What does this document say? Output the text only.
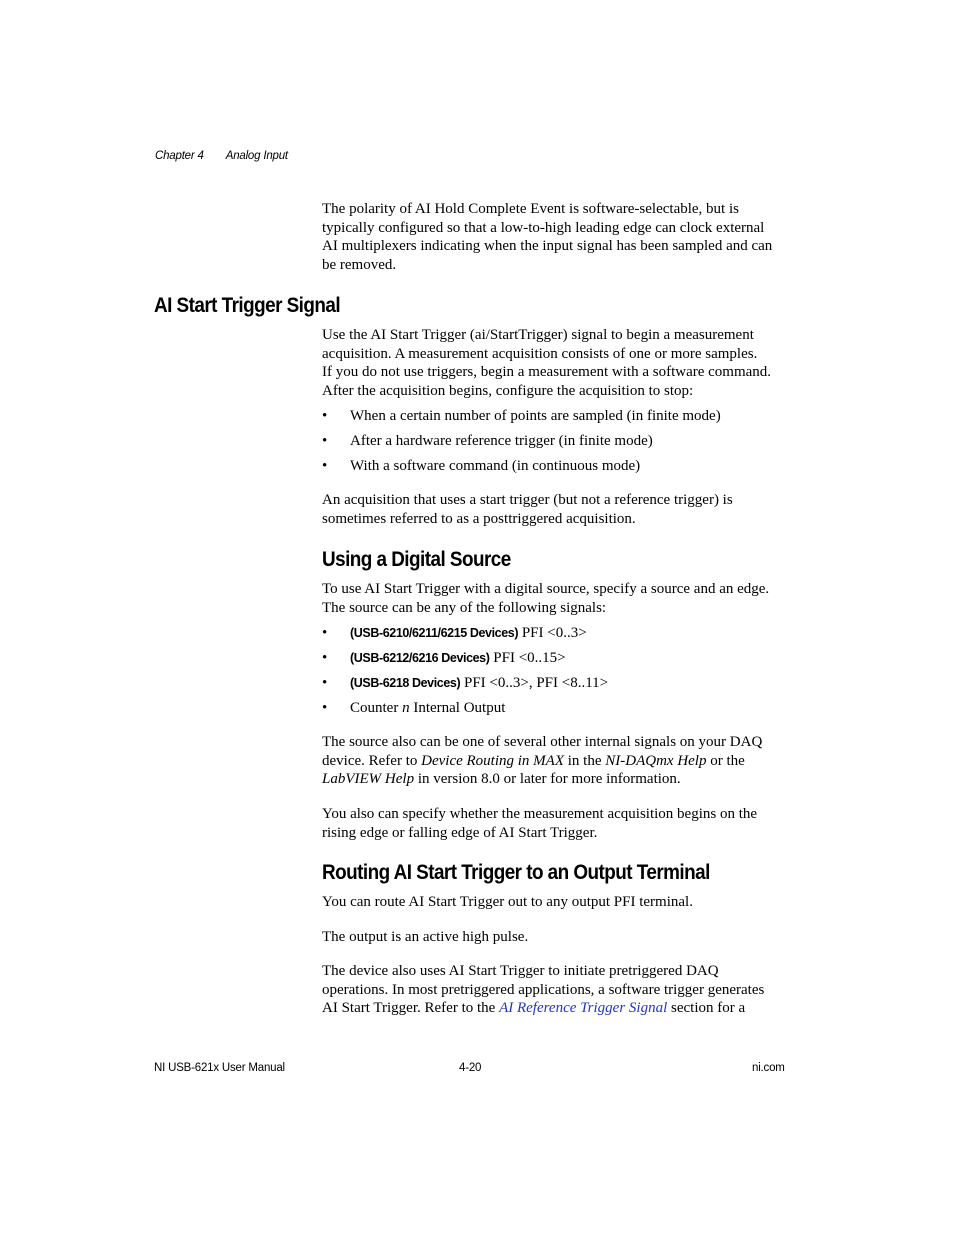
Chapter 4 Analog Input
The polarity of AI Hold Complete Event is software-selectable, but is
typically configured so that a low-to-high leading edge can clock external
AI multiplexers indicating when the input signal has been sampled and can
be removed.
AI Start Trigger Signal
Use the AI Start Trigger (ai/StartTrigger) signal to begin a measurement
acquisition. A measurement acquisition consists of one or more samples.
If you do not use triggers, begin a measurement with a software command.
After the acquisition begins, configure the acquisition to stop:
• When a certain number of points are sampled (in finite mode)
• After a hardware reference trigger (in finite mode)
• With a software command (in continuous mode)
An acquisition that uses a start trigger (but not a reference trigger) is
sometimes referred to as a posttriggered acquisition.
Using a Digital Source
To use AI Start Trigger with a digital source, specify a source and an edge.
The source can be any of the following signals:
• (USB-6210/6211/6215 Devices) PFI <0..3>
• (USB-6212/6216 Devices) PFI <0..15>
• (USB-6218 Devices) PFI <0..3>, PFI <8..11>
• Counter n Internal Output
The source also can be one of several other internal signals on your DAQ
device. Refer to Device Routing in MAX in the NI-DAQmx Help or the
LabVIEW Help in version 8.0 or later for more information.
You also can specify whether the measurement acquisition begins on the
rising edge or falling edge of AI Start Trigger.
Routing AI Start Trigger to an Output Terminal
You can route AI Start Trigger out to any output PFI terminal.
The output is an active high pulse.
The device also uses AI Start Trigger to initiate pretriggered DAQ
operations. In most pretriggered applications, a software trigger generates
AI Start Trigger. Refer to the AI Reference Trigger Signal section for a
NI USB-621x User Manual	4-20	ni.com
